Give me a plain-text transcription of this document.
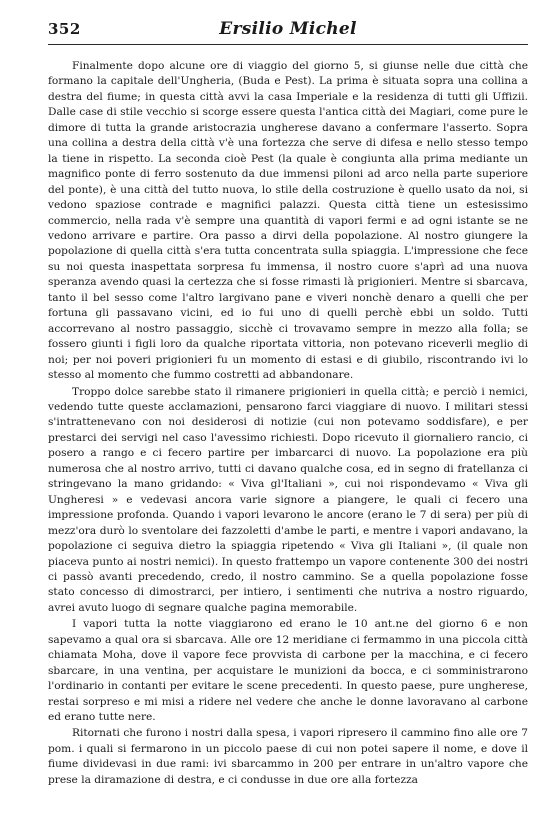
352	Ersilio Michel

Finalmente dopo alcune ore di viaggio del giorno 5, si giunse nelle due città che formano la capitale dell'Ungheria, (Buda e Pest). La prima è situata sopra una collina a destra del fiume; in questa città avvi la casa Imperiale e la residenza di tutti gli Uffizii. Dalle case di stile vecchio si scorge essere questa l'antica città dei Magiari, come pure le dimore di tutta la grande aristocrazia ungherese davano a confermare l'asserto. Sopra una collina a destra della città v'è una fortezza che serve di difesa e nello stesso tempo la tiene in rispetto. La seconda cioè Pest (la quale è congiunta alla prima mediante un magnifico ponte di ferro sostenuto da due immensi piloni ad arco nella parte superiore del ponte), è una città del tutto nuova, lo stile della costruzione è quello usato da noi, si vedono spaziose contrade e magnifici palazzi. Questa città tiene un estesissimo commercio, nella rada v'è sempre una quantità di vapori fermi e ad ogni istante se ne vedono arrivare e partire. Ora passo a dirvi della popolazione. Al nostro giungere la popolazione di quella città s'era tutta concentrata sulla spiaggia. L'impressione che fece su noi questa inaspettata sorpresa fu immensa, il nostro cuore s'aprì ad una nuova speranza avendo quasi la certezza che si fosse rimasti là prigionieri. Mentre si sbarcava, tanto il bel sesso come l'altro largivano pane e viveri nonchè denaro a quelli che per fortuna gli passavano vicini, ed io fui uno di quelli perchè ebbi un soldo. Tutti accorrevano al nostro passaggio, sicchè ci trovavamo sempre in mezzo alla folla; se fossero giunti i figli loro da qualche riportata vittoria, non potevano riceverli meglio di noi; per noi poveri prigionieri fu un momento di estasi e di giubilo, riscontrando ivi lo stesso al momento che fummo costretti ad abbandonare.

Troppo dolce sarebbe stato il rimanere prigionieri in quella città; e perciò i nemici, vedendo tutte queste acclamazioni, pensarono farci viaggiare di nuovo. I militari stessi s'intrattenevano con noi desiderosi di notizie (cui non potevamo soddisfare), e per prestarci dei servigi nel caso l'avessimo richiesti. Dopo ricevuto il giornaliero rancio, ci posero a rango e ci fecero partire per imbarcarci di nuovo. La popolazione era più numerosa che al nostro arrivo, tutti ci davano qualche cosa, ed in segno di fratellanza ci stringevano la mano gridando: « Viva gl'Italiani », cui noi rispondevamo « Viva gli Ungheresi » e vedevasi ancora varie signore a piangere, le quali ci fecero una impressione profonda. Quando i vapori levarono le ancore (erano le 7 di sera) per più di mezz'ora durò lo sventolare dei fazzoletti d'ambe le parti, e mentre i vapori andavano, la popolazione ci seguiva dietro la spiaggia ripetendo « Viva gli Italiani », (il quale non piaceva punto ai nostri nemici). In questo frattempo un vapore contenente 300 dei nostri ci passò avanti precedendo, credo, il nostro cammino. Se a quella popolazione fosse stato concesso di dimostrarci, per intiero, i sentimenti che nutriva a nostro riguardo, avrei avuto luogo di segnare qualche pagina memorabile.

I vapori tutta la notte viaggiarono ed erano le 10 ant.ne del giorno 6 e non sapevamo a qual ora si sbarcava. Alle ore 12 meridiane ci fermammo in una piccola città chiamata Moha, dove il vapore fece provvista di carbone per la macchina, e ci fecero sbarcare, in una ventina, per acquistare le munizioni da bocca, e ci somministrarono l'ordinario in contanti per evitare le scene precedenti. In questo paese, pure ungherese, restai sorpreso e mi misi a ridere nel vedere che anche le donne lavoravano al carbone ed erano tutte nere.

Ritornati che furono i nostri dalla spesa, i vapori ripresero il cammino fino alle ore 7 pom. i quali si fermarono in un piccolo paese di cui non potei sapere il nome, e dove il fiume dividevasi in due rami: ivi sbarcammo in 200 per entrare in un'altro vapore che prese la diramazione di destra, e ci condusse in due ore alla fortezza
